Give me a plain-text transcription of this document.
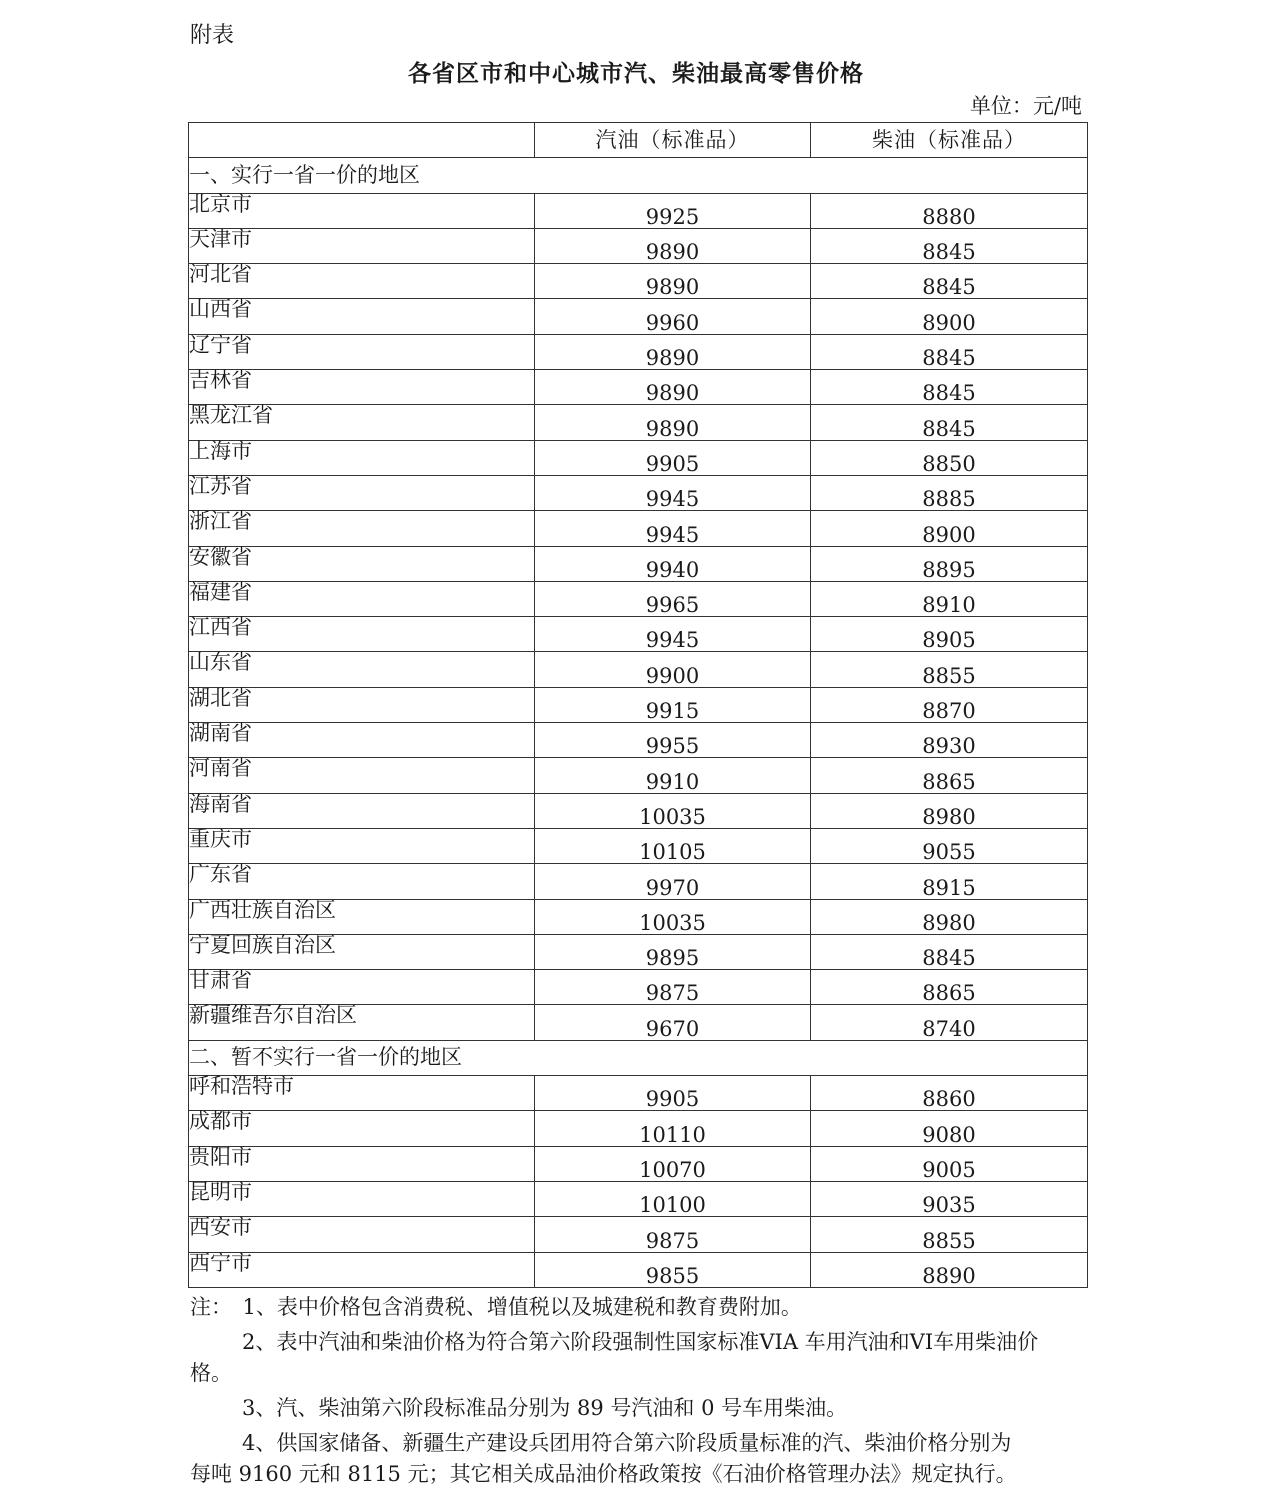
附表
各省区市和中心城市汽、柴油最高零售价格
单位：元/吨
	汽油（标准品）	柴油（标准品）
一、实行一省一价的地区		
北京市	9925	8880
天津市	9890	8845
河北省	9890	8845
山西省	9960	8900
辽宁省	9890	8845
吉林省	9890	8845
黑龙江省	9890	8845
上海市	9905	8850
江苏省	9945	8885
浙江省	9945	8900
安徽省	9940	8895
福建省	9965	8910
江西省	9945	8905
山东省	9900	8855
湖北省	9915	8870
湖南省	9955	8930
河南省	9910	8865
海南省	10035	8980
重庆市	10105	9055
广东省	9970	8915
广西壮族自治区	10035	8980
宁夏回族自治区	9895	8845
甘肃省	9875	8865
新疆维吾尔自治区	9670	8740
二、暂不实行一省一价的地区		
呼和浩特市	9905	8860
成都市	10110	9080
贵阳市	10070	9005
昆明市	10100	9035
西安市	9875	8855
西宁市	9855	8890
注：　1、表中价格包含消费税、增值税以及城建税和教育费附加。
2、表中汽油和柴油价格为符合第六阶段强制性国家标准VIA 车用汽油和VI车用柴油价
格。
3、汽、柴油第六阶段标准品分别为 89 号汽油和 0 号车用柴油。
4、供国家储备、新疆生产建设兵团用符合第六阶段质量标准的汽、柴油价格分别为
每吨 9160 元和 8115 元；其它相关成品油价格政策按《石油价格管理办法》规定执行。
